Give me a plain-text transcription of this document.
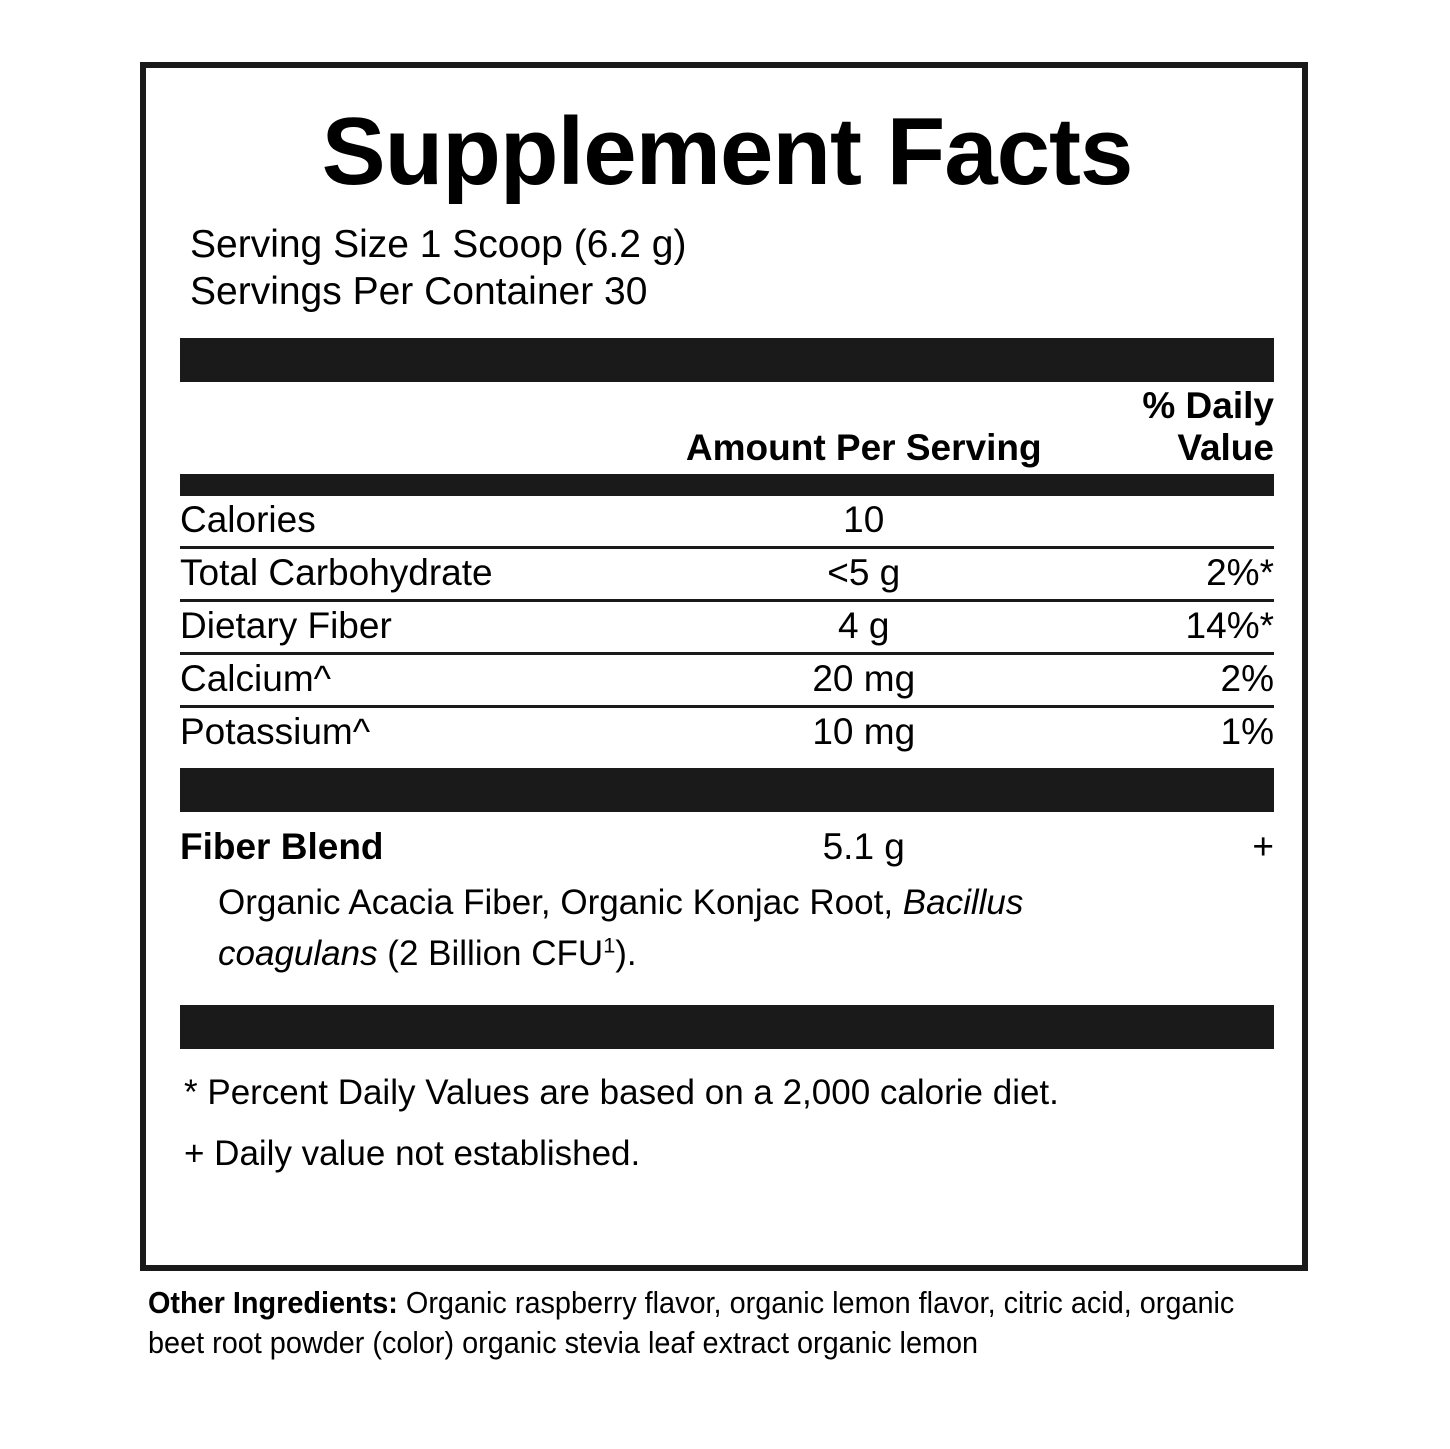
Supplement Facts
Serving Size 1 Scoop (6.2 g)
Servings Per Container 30
	Amount Per Serving	% Daily Value
Calories	10	
Total Carbohydrate	<5 g	2%*
Dietary Fiber	4 g	14%*
Calcium^	20 mg	2%
Potassium^	10 mg	1%
Fiber Blend	5.1 g	+
Organic Acacia Fiber, Organic Konjac Root, Bacillus coagulans (2 Billion CFU$^1$).
* Percent Daily Values are based on a 2,000 calorie diet.
+ Daily value not established.
Other Ingredients: Organic raspberry flavor, organic lemon flavor, citric acid, organic beet root powder (color) organic stevia leaf extract organic lemon
